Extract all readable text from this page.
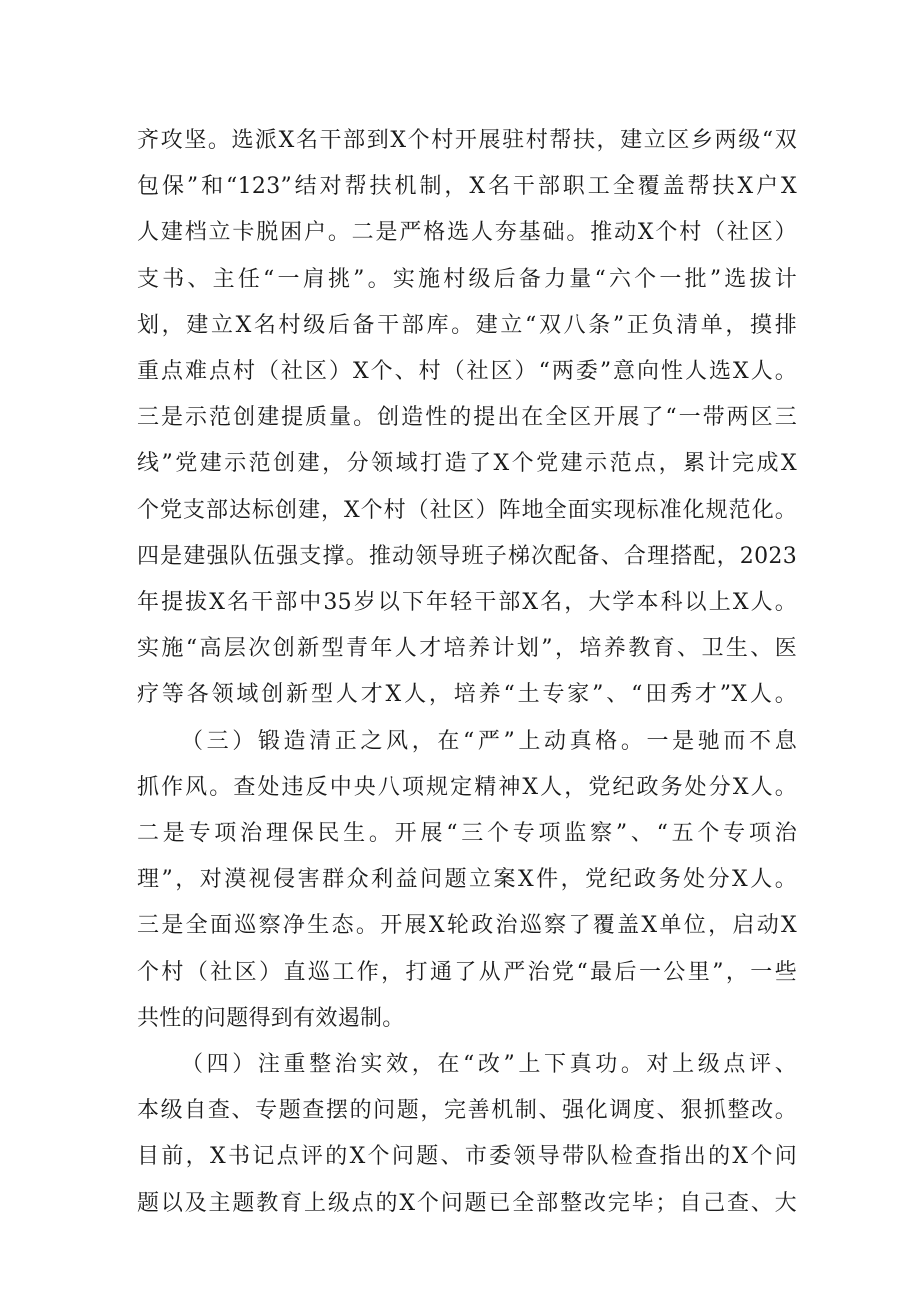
齐攻坚。选派X名干部到X个村开展驻村帮扶，建立区乡两级“双

包保”和“123”结对帮扶机制，X名干部职工全覆盖帮扶X户X

人建档立卡脱困户。二是严格选人夯基础。推动X个村（社区）

支书、主任“一肩挑”。实施村级后备力量“六个一批”选拔计

划，建立X名村级后备干部库。建立“双八条”正负清单，摸排

重点难点村（社区）X个、村（社区）“两委”意向性人选X人。

三是示范创建提质量。创造性的提出在全区开展了“一带两区三

线”党建示范创建，分领域打造了X个党建示范点，累计完成X

个党支部达标创建，X个村（社区）阵地全面实现标准化规范化。

四是建强队伍强支撑。推动领导班子梯次配备、合理搭配，2023

年提拔X名干部中35岁以下年轻干部X名，大学本科以上X人。

实施“高层次创新型青年人才培养计划”，培养教育、卫生、医

疗等各领域创新型人才X人，培养“土专家”、“田秀才”X人。

（三）锻造清正之风，在“严”上动真格。一是驰而不息

抓作风。查处违反中央八项规定精神X人，党纪政务处分X人。

二是专项治理保民生。开展“三个专项监察”、“五个专项治

理”，对漠视侵害群众利益问题立案X件，党纪政务处分X人。

三是全面巡察净生态。开展X轮政治巡察了覆盖X单位，启动X

个村（社区）直巡工作，打通了从严治党“最后一公里”，一些

共性的问题得到有效遏制。

（四）注重整治实效，在“改”上下真功。对上级点评、

本级自查、专题查摆的问题，完善机制、强化调度、狠抓整改。

目前，X书记点评的X个问题、市委领导带队检查指出的X个问

题以及主题教育上级点的X个问题已全部整改完毕；自己查、大
